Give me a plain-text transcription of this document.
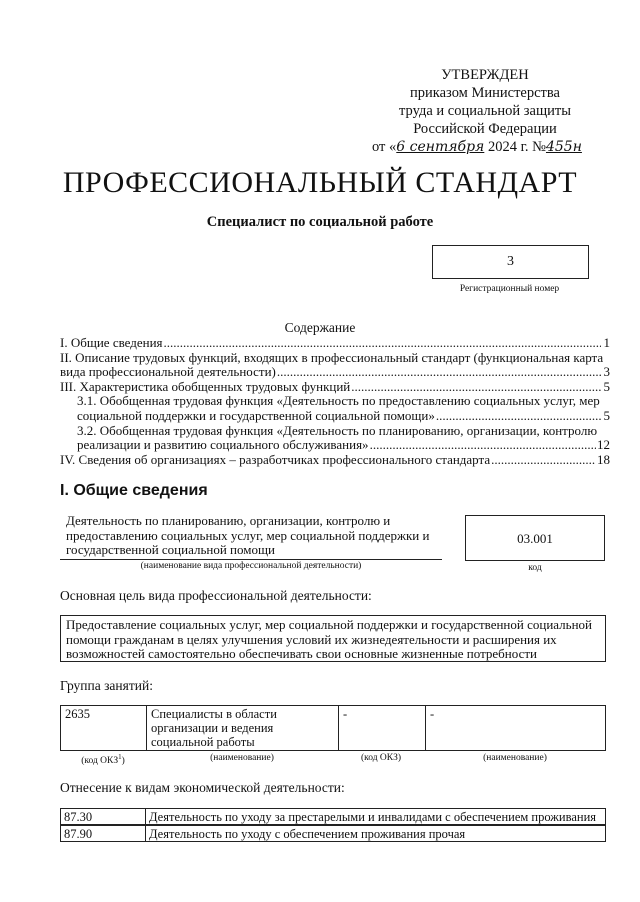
УТВЕРЖДЕН
приказом Министерства
труда и социальной защиты
Российской Федерации
от «6 сентября 2024 г. №455н
ПРОФЕССИОНАЛЬНЫЙ СТАНДАРТ
Специалист по социальной работе
3
Регистрационный номер
Содержание
I. Общие сведения .....	1
II. Описание трудовых функций, входящих в профессиональный стандарт (функциональная карта
вида профессиональной деятельности) .....	3
III. Характеристика обобщенных трудовых функций .....	5
3.1. Обобщенная трудовая функция «Деятельность по предоставлению социальных услуг, мер
социальной поддержки и государственной социальной помощи» .....	5
3.2. Обобщенная трудовая функция «Деятельность по планированию, организации, контролю
реализации и развитию социального обслуживания» .....	12
IV. Сведения об организациях – разработчиках профессионального стандарта .....	18
I. Общие сведения
Деятельность по планированию, организации, контролю и
предоставлению социальных услуг, мер социальной поддержки и
государственной социальной помощи
(наименование вида профессиональной деятельности)
03.001
код
Основная цель вида профессиональной деятельности:
Предоставление социальных услуг, мер социальной поддержки и государственной социальной
помощи гражданам в целях улучшения условий их жизнедеятельности и расширения их
возможностей самостоятельно обеспечивать свои основные жизненные потребности
Группа занятий:
2635	Специалисты в области
организации и ведения
социальной работы
	-	-
(код ОКЗ$^1$)	(наименование)	(код ОКЗ)	(наименование)
Отнесение к видам экономической деятельности:
87.30	Деятельность по уходу за престарелыми и инвалидами с обеспечением проживания
87.90	Деятельность по уходу с обеспечением проживания прочая
